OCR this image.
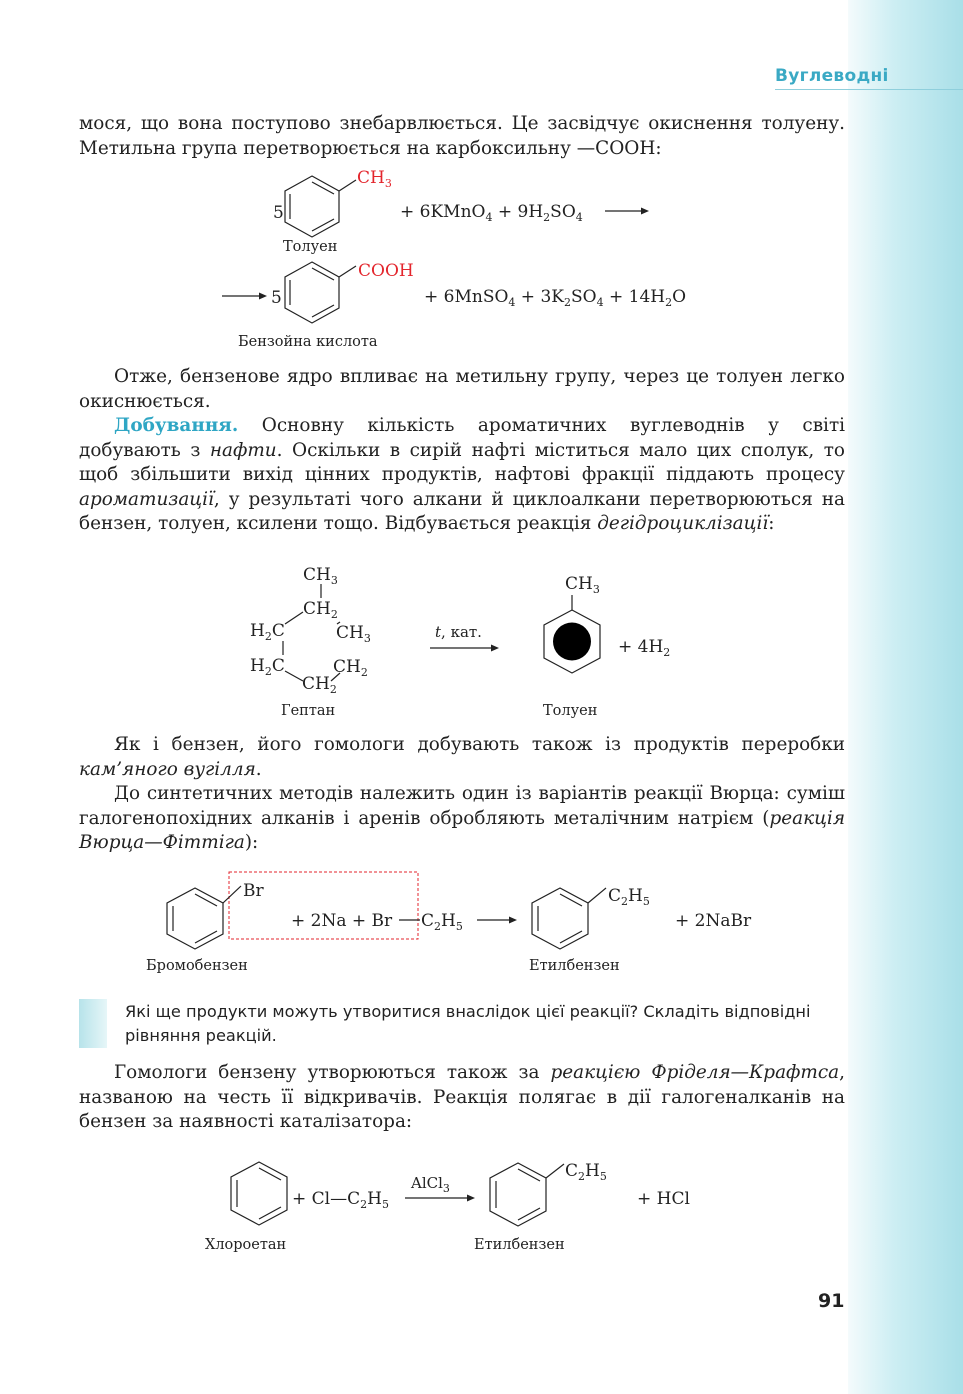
Вуглеводні

мося, що вона поступово знебарвлюється. Це засвідчує окиснення толуену. Метильна група перетворюється на карбоксильну —COOH:

5
$CH_3$
+ 6KMnO$_4$ + $9H_2SO_4$
Толуен
5
COOH
+ 6MnSO$_4$ + $3K_2SO_4 + 14H_2O$
Бензойна кислота

Отже, бензенове ядро впливає на метильну групу, через це толуен легко окиснюється.

Добування. Основну кількість ароматичних вуглеводнів у світі добувають з нафти. Оскільки в сирій нафті міститься мало цих сполук, то щоб збільшити вихід цінних продуктів, нафтові фракції піддають процесу ароматизації, у результаті чого алкани й циклоалкани перетворюються на бензен, толуен, ксилени тощо. Відбувається реакція дегідроциклізації:

$CH_3$
$CH_2$
$H_2C$	$CH_3$
$H_2C$	$CH_2$
$CH_2$
Гептан
t, кат.
$CH_3$
+ $4H_2$
Толуен

Як і бензен, його гомологи добувають також із продуктів переробки кам’яного вугілля.

До синтетичних методів належить один із варіантів реакції Вюрца: суміш галогенопохідних алканів і аренів обробляють металічним натрієм (реакція Вюрца—Фіттіга):

Br
+ 2Na + Br $C_2H_5$
$C_2H_5$
+ 2NaBr
Бромобензен	Етилбензен

Які ще продукти можуть утворитися внаслідок цієї реакції? Складіть відповідні рівняння реакцій.

Гомологи бензену утворюються також за реакцією Фріделя—Крафтса, названою на честь її відкривачів. Реакція полягає в дії галогеналканів на бензен за наявності каталізатора:

+ $Cl—C_2H_5$
AlCl$_3$
$C_2H_5$
+ HCl
Хлороетан	Етилбензен
91
